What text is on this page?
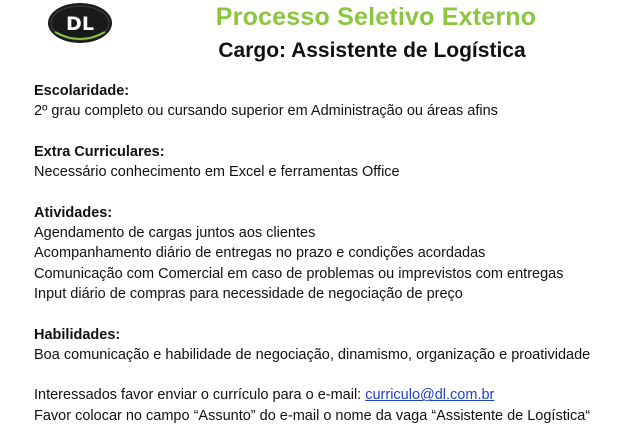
DL	Processo Seletivo Externo
Cargo: Assistente de Logística
Escolaridade:
2º grau completo ou cursando superior em Administração ou áreas afins
Extra Curriculares:
Necessário conhecimento em Excel e ferramentas Office
Atividades:
Agendamento de cargas juntos aos clientes
Acompanhamento diário de entregas no prazo e condições acordadas
Comunicação com Comercial em caso de problemas ou imprevistos com entregas
Input diário de compras para necessidade de negociação de preço
Habilidades:
Boa comunicação e habilidade de negociação, dinamismo, organização e proatividade
Interessados favor enviar o currículo para o e-mail: curriculo@dl.com.br
Favor colocar no campo “Assunto” do e-mail o nome da vaga “Assistente de Logística“
